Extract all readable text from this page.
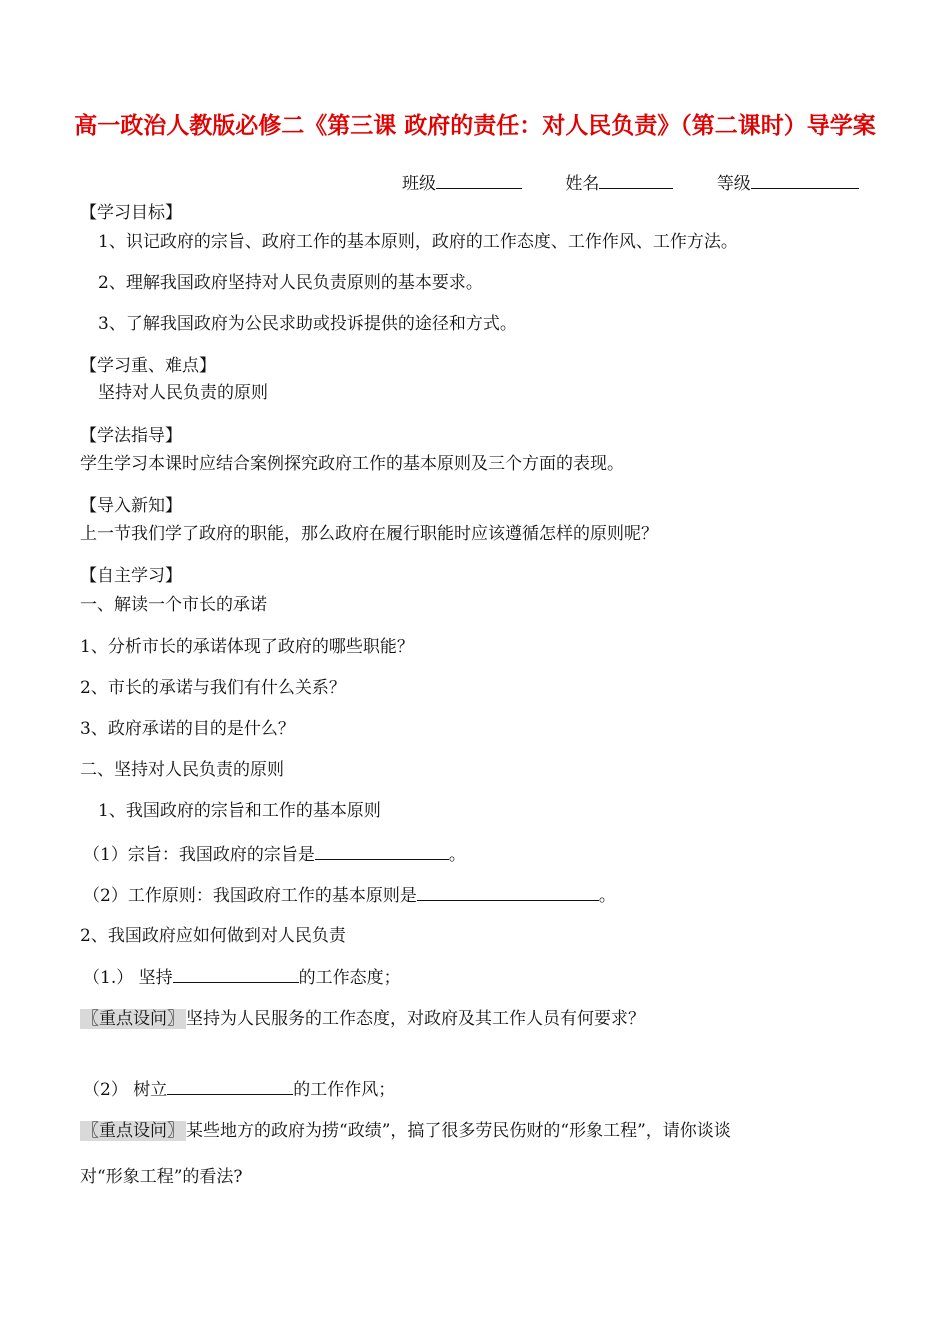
高一政治人教版必修二《第三课 政府的责任：对人民负责》（第二课时）导学案
班级	姓名	等级
【学习目标】
1、识记政府的宗旨、政府工作的基本原则，政府的工作态度、工作作风、工作方法。
2、理解我国政府坚持对人民负责原则的基本要求。
3、了解我国政府为公民求助或投诉提供的途径和方式。
【学习重、难点】
坚持对人民负责的原则
【学法指导】
学生学习本课时应结合案例探究政府工作的基本原则及三个方面的表现。
【导入新知】
上一节我们学了政府的职能，那么政府在履行职能时应该遵循怎样的原则呢？
【自主学习】
一、解读一个市长的承诺
1、分析市长的承诺体现了政府的哪些职能？
2、市长的承诺与我们有什么关系？
3、政府承诺的目的是什么？
二、坚持对人民负责的原则
1、我国政府的宗旨和工作的基本原则
（1）宗旨：我国政府的宗旨是	。
（2）工作原则：我国政府工作的基本原则是	。
2、我国政府应如何做到对人民负责
（1.） 坚持	的工作态度；
〖重点设问〗 坚持为人民服务的工作态度，对政府及其工作人员有何要求？
（2） 树立	的工作作风；
〖重点设问〗 某些地方的政府为捞“政绩”，搞了很多劳民伤财的“形象工程”，请你谈谈
对“形象工程”的看法?
